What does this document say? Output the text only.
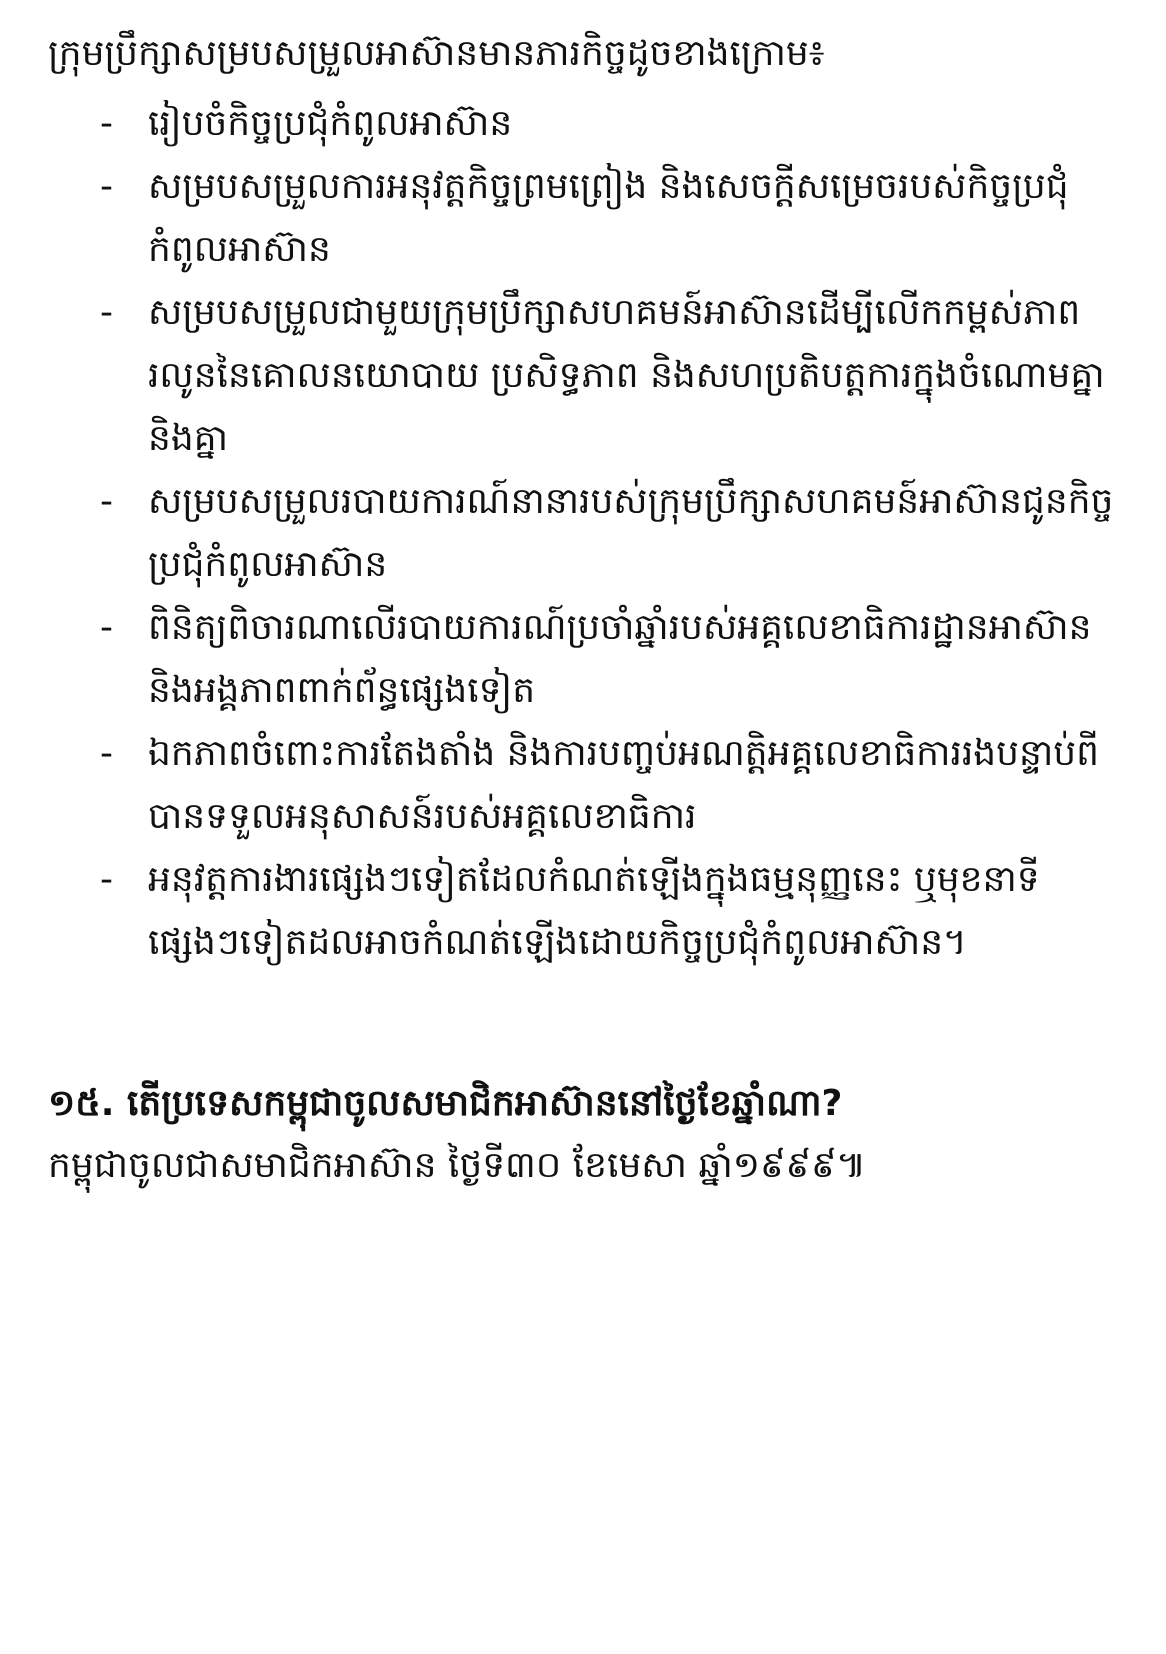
ក្រុមប្រឹក្សាសម្របសម្រួលអាស៊ានមានភារកិច្ចដូចខាងក្រោម៖

- រៀបចំកិច្ចប្រជុំកំពូលអាស៊ាន
- សម្របសម្រួលការអនុវត្តកិច្ចព្រមព្រៀង និងសេចក្ដីសម្រេចរបស់កិច្ចប្រជុំកំពូលអាស៊ាន
- សម្របសម្រួលជាមួយក្រុមប្រឹក្សាសហគមន៍អាស៊ានដើម្បីលើកកម្ពស់ភាពរលូននៃគោលនយោបាយ ប្រសិទ្ធភាព និងសហប្រតិបត្តការក្នុងចំណោមគ្នានិងគ្នា
- សម្របសម្រួលរបាយការណ៍នានារបស់ក្រុមប្រឹក្សាសហគមន៍អាស៊ានជូនកិច្ចប្រជុំកំពូលអាស៊ាន
- ពិនិត្យពិចារណាលើរបាយការណ៍ប្រចាំឆ្នាំរបស់អគ្គលេខាធិការដ្ឋានអាស៊ាន និងអង្គភាពពាក់ព័ន្ធផ្សេងទៀត
- ឯកភាពចំពោះការតែងតាំង និងការបញ្ចប់អណត្តិអគ្គលេខាធិការរងបន្ទាប់ពីបានទទួលអនុសាសន៍របស់អគ្គលេខាធិការ
- អនុវត្តការងារផ្សេងៗទៀតដែលកំណត់ឡើងក្នុងធម្មនុញ្ញនេះ ឬមុខនាទីផ្សេងៗទៀតដលអាចកំណត់ឡើងដោយកិច្ចប្រជុំកំពូលអាស៊ាន។

១៥. តើប្រទេសកម្ពុជាចូលសមាជិកអាស៊ាននៅថ្ងៃខែឆ្នាំណា?

កម្ពុជាចូលជាសមាជិកអាស៊ាន ថ្ងៃទី៣០ ខែមេសា ឆ្នាំ១៩៩៩៕
